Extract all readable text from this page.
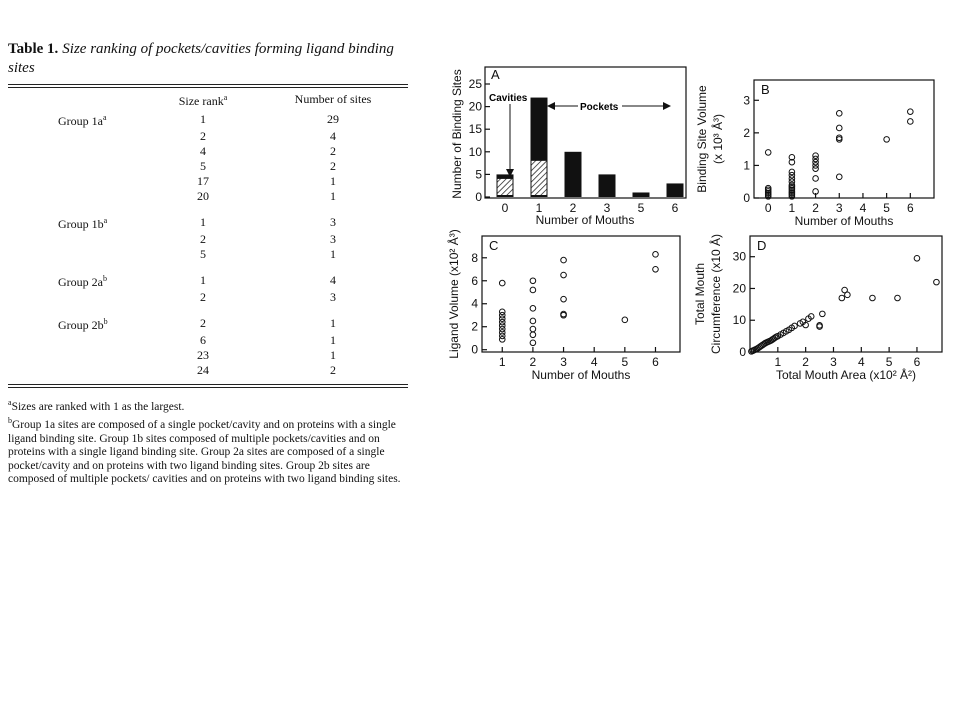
Table 1. Size ranking of pockets/cavities forming ligand binding sites
	Size rank$^a$	Number of sites
Group $1a^a$	1	29
	2	4
	4	2
	5	2
	17	1
	20	1

Group $1b^a$	1	3
	2	3
	5	1

Group $2a^b$	1	4
	2	3

Group $2b^b$	2	1
	6	1
	23	1
	24	2

$^a$Sizes are ranked with 1 as the largest.

$^b$Group 1a sites are composed of a single pocket/cavity and on proteins with a single ligand binding site. Group 1b sites composed of multiple pockets/cavities and on proteins with a single ligand binding site. Group 2a sites are composed of a single pocket/cavity and on proteins with two ligand binding sites. Group 2b sites are composed of multiple pockets/ cavities and on proteins with two ligand binding sites.

A
0
5
10
15
20
25
0 1 2 3 5 6
Number of Mouths
Number of Binding Sites	Cavities
Pockets
B
0
1
2
3
0 1 2 3 4 5 6
Number of Mouths
Binding Site Volume (x 10³ Å³)
C
0
2
4
6
8
1 2 3 4 5 6
Number of Mouths
Ligand Volume (x10² Å³)	D
0
10
20
30
1 2 3 4 5 6
Total Mouth Area (x10² Å²)
Total Mouth Circumference (x10 Å)
